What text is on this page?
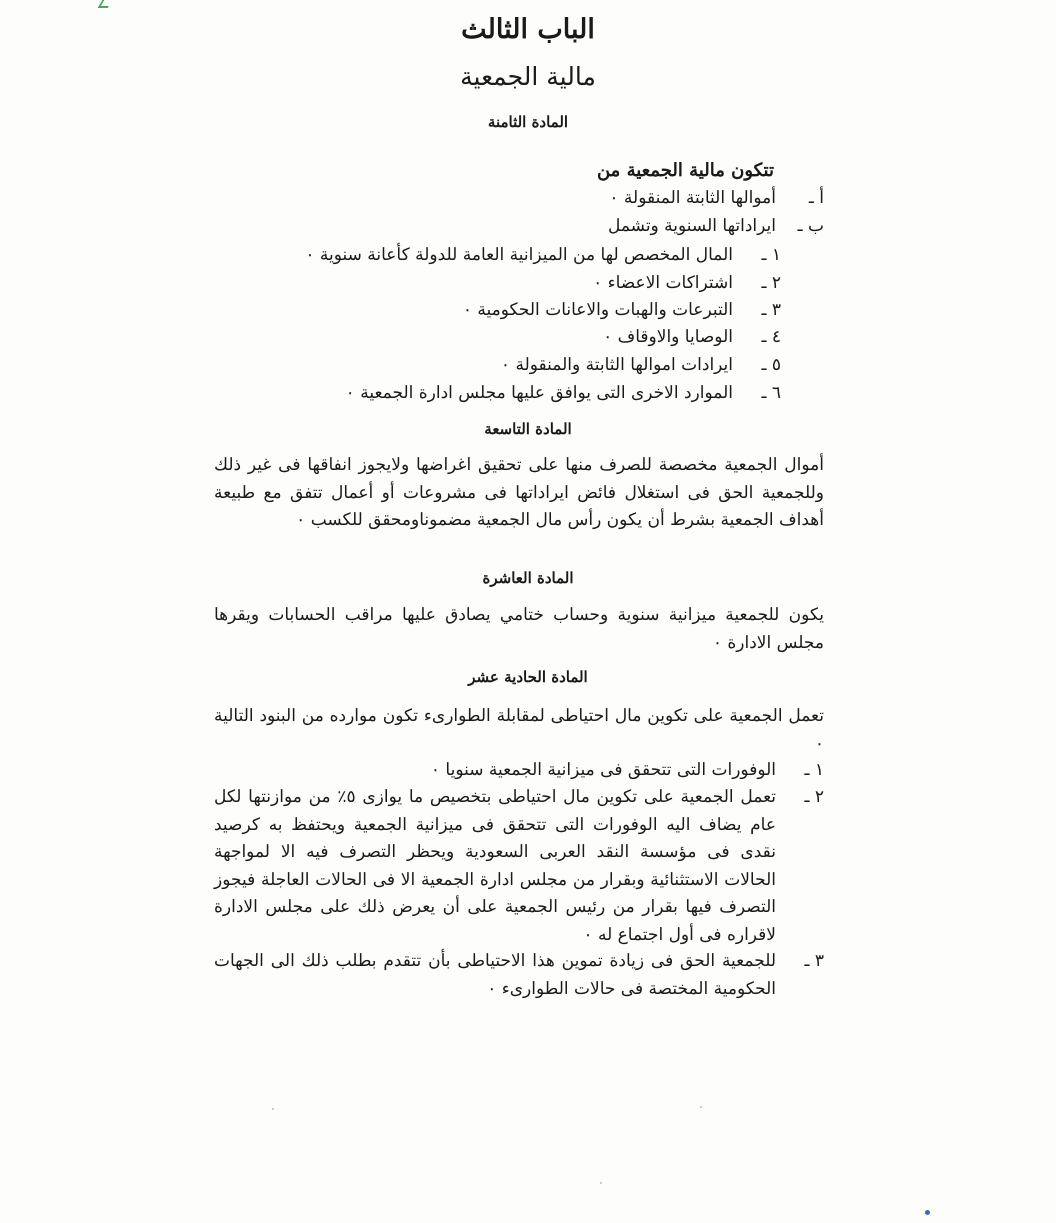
الباب الثالث
مالية الجمعية
المادة الثامنة
تتكون مالية الجمعية من
أ ـأموالها الثابتة المنقولة ٠
ب ـايراداتها السنوية وتشمل
١ ـالمال المخصص لها من الميزانية العامة للدولة كأعانة سنوية ٠
٢ ـاشتراكات الاعضاء ٠
٣ ـالتبرعات والهبات والاعانات الحكومية ٠
٤ ـالوصايا والاوقاف ٠
٥ ـايرادات اموالها الثابتة والمنقولة ٠
٦ ـالموارد الاخرى التى يوافق عليها مجلس ادارة الجمعية ٠
المادة التاسعة
أموال الجمعية مخصصة للصرف منها على تحقيق اغراضها ولايجوز انفاقها فى غير ذلك وللجمعية الحق فى استغلال فائض ايراداتها فى مشروعات أو أعمال تتفق مع طبيعة أهداف الجمعية بشرط أن يكون رأس مال الجمعية مضموناومحقق للكسب ٠
المادة العاشرة
يكون للجمعية ميزانية سنوية وحساب ختامي يصادق عليها مراقب الحسابات ويقرها مجلس الادارة ٠
المادة الحادية عشر
تعمل الجمعية على تكوين مال احتياطى لمقابلة الطوارىء تكون موارده من البنود التالية ٠
١ ـ
الوفورات التى تتحقق فى ميزانية الجمعية سنويا ٠
٢ ـ
تعمل الجمعية على تكوين مال احتياطى بتخصيص ما يوازى ٥٪ من موازنتها لكل عام يضاف اليه الوفورات التى تتحقق فى ميزانية الجمعية ويحتفظ به كرصيد نقدى فى مؤسسة النقد العربى السعودية ويحظر التصرف فيه الا لمواجهة الحالات الاستثنائية وبقرار من مجلس ادارة الجمعية الا فى الحالات العاجلة فيجوز التصرف فيها بقرار من رئيس الجمعية على أن يعرض ذلك على مجلس الادارة لاقراره فى أول اجتماع له ٠
٣ ـ
للجمعية الحق فى زيادة تموين هذا الاحتياطى بأن تتقدم بطلب ذلك الى الجهات الحكومية المختصة فى حالات الطوارىء ٠
